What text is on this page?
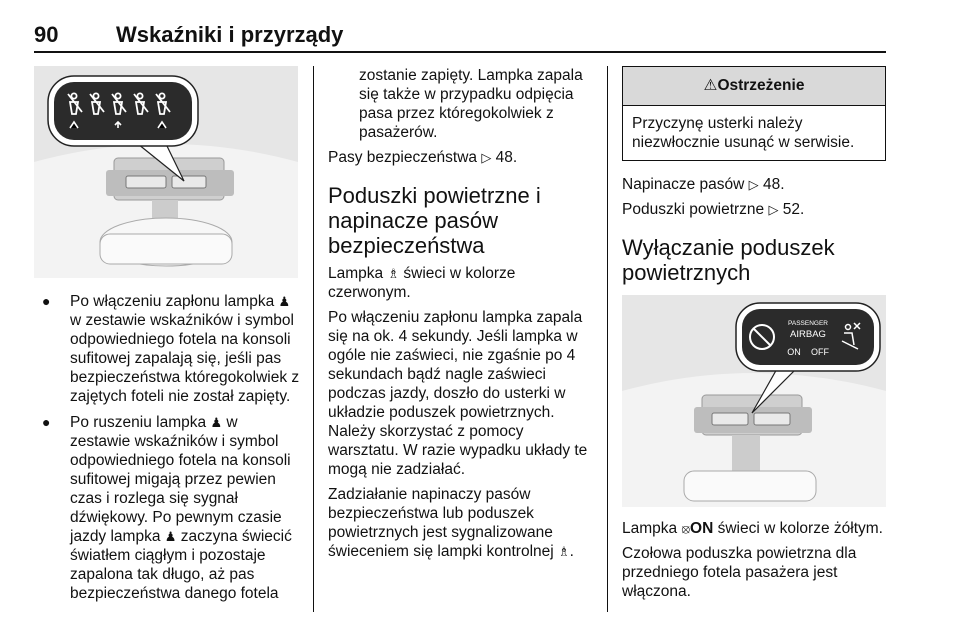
90	Wskaźniki i przyrządy
● Po włączeniu zapłonu lampka ♟ w zestawie wskaźników i symbol odpowiedniego fotela na konsoli sufitowej zapalają się, jeśli pas bezpieczeństwa któregokolwiek z zajętych foteli nie został zapięty.
● Po ruszeniu lampka ♟ w zestawie wskaźników i symbol odpowiedniego fotela na konsoli sufitowej migają przez pewien czas i rozlega się sygnał dźwiękowy. Po pewnym czasie jazdy lampka ♟ zaczyna świecić światłem ciągłym i pozostaje zapalona tak długo, aż pas bezpieczeństwa danego fotela

zostanie zapięty. Lampka zapala się także w przypadku odpięcia pasa przez któregokolwiek z pasażerów.

Pasy bezpieczeństwa ▷ 48.

Poduszki powietrzne i napinacze pasów bezpieczeństwa

Lampka ♗ świeci w kolorze czerwonym.

Po włączeniu zapłonu lampka zapala się na ok. 4 sekundy. Jeśli lampka w ogóle nie zaświeci, nie zgaśnie po 4 sekundach bądź nagle zaświeci podczas jazdy, doszło do usterki w układzie poduszek powietrznych. Należy skorzystać z pomocy warsztatu. W razie wypadku układy te mogą nie zadziałać.

Zadziałanie napinaczy pasów bezpieczeństwa lub poduszek powietrznych jest sygnalizowane świeceniem się lampki kontrolnej ♗.

⚠Ostrzeżenie
Przyczynę usterki należy niezwłocznie usunąć w serwisie.

Napinacze pasów ▷ 48.

Poduszki powietrzne ▷ 52.

Wyłączanie poduszek powietrznych
PASSENGER
AIRBAG
ON OFF

Lampka ⦻ON świeci w kolorze żółtym.

Czołowa poduszka powietrzna dla przedniego fotela pasażera jest włączona.
